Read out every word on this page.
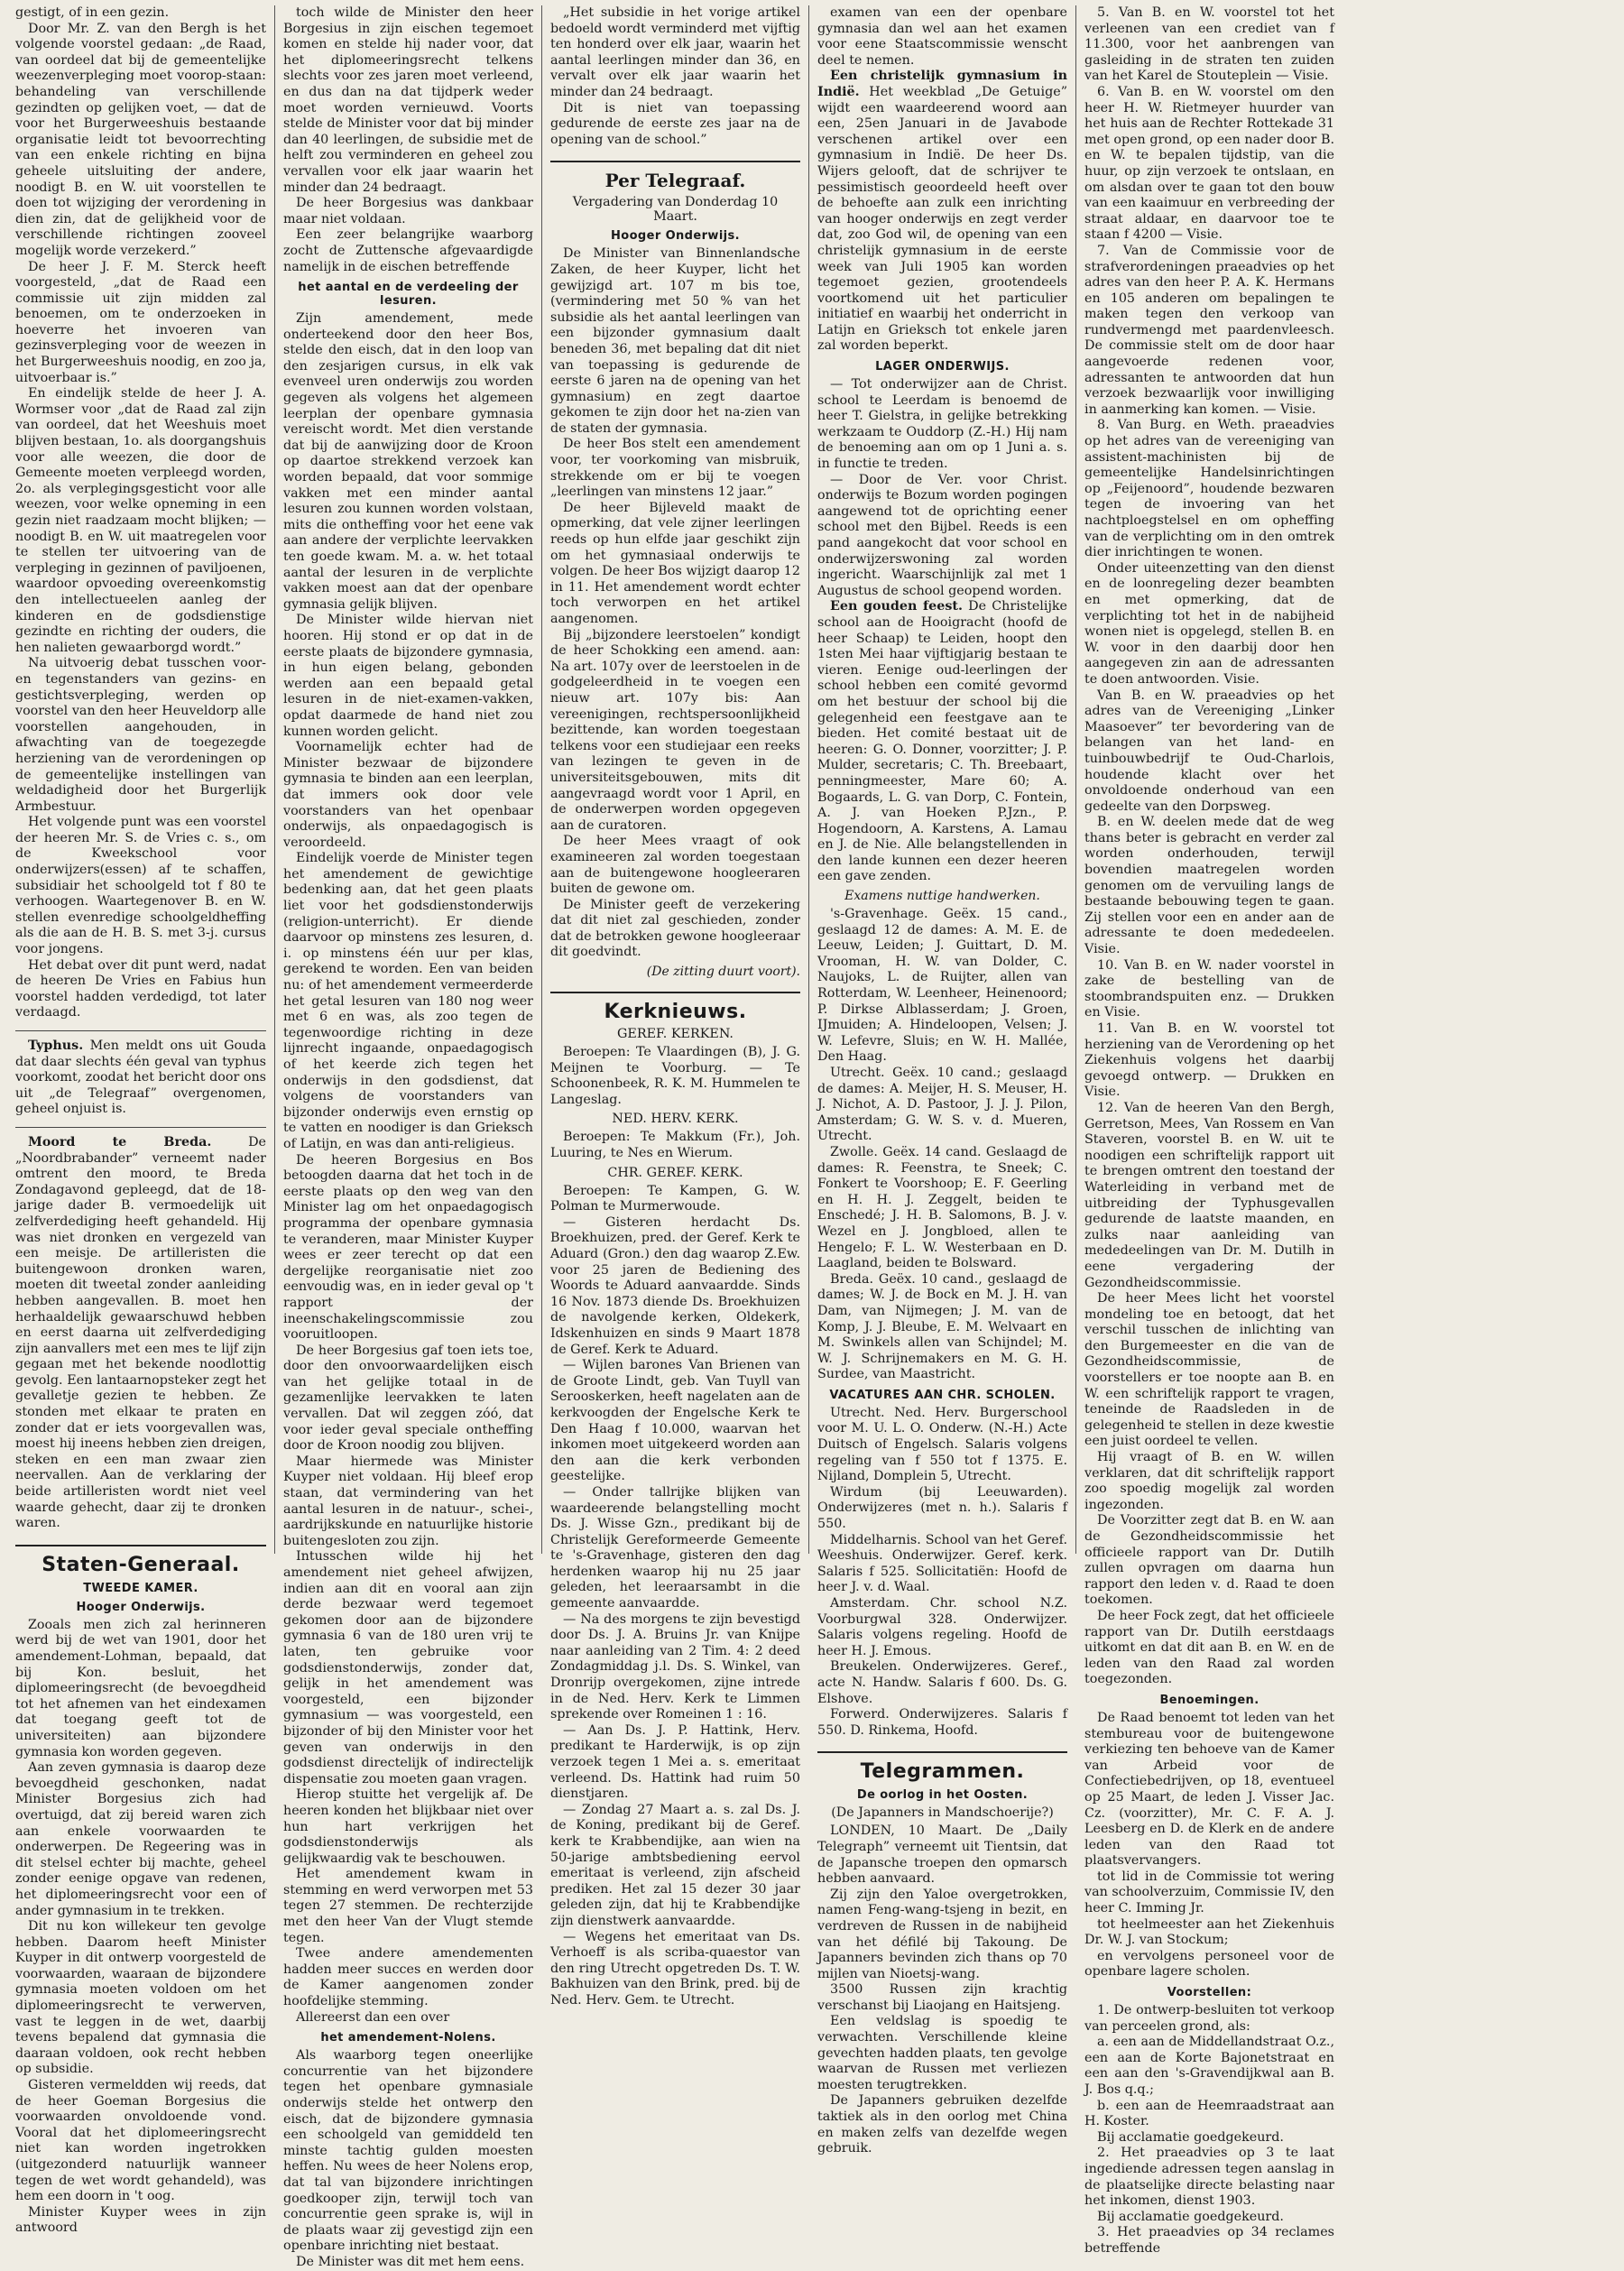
gestigt, of in een gezin.

Door Mr. Z. van den Bergh is het volgende voorstel gedaan: „de Raad, van oordeel dat bij de gemeentelijke weezenverpleging moet voorop-staan: behandeling van verschillende gezindten op gelijken voet, — dat de voor het Burgerweeshuis bestaande organisatie leidt tot bevoorrechting van een enkele richting en bijna geheele uitsluiting der andere, noodigt B. en W. uit voorstellen te doen tot wijziging der verordening in dien zin, dat de gelijkheid voor de verschillende richtingen zooveel mogelijk worde verzekerd.”

De heer J. F. M. Sterck heeft voorgesteld, „dat de Raad een commissie uit zijn midden zal benoemen, om te onderzoeken in hoeverre het invoeren van gezinsverpleging voor de weezen in het Burgerweeshuis noodig, en zoo ja, uitvoerbaar is.”

En eindelijk stelde de heer J. A. Wormser voor „dat de Raad zal zijn van oordeel, dat het Weeshuis moet blijven bestaan, 1o. als doorgangshuis voor alle weezen, die door de Gemeente moeten verpleegd worden, 2o. als verplegingsgesticht voor alle weezen, voor welke opneming in een gezin niet raadzaam mocht blijken; — noodigt B. en W. uit maatregelen voor te stellen ter uitvoering van de verpleging in gezinnen of paviljoenen, waardoor opvoeding overeenkomstig den intellectueelen aanleg der kinderen en de godsdienstige gezindte en richting der ouders, die hen nalieten gewaarborgd wordt.”

Na uitvoerig debat tusschen voor- en tegenstanders van gezins- en gestichtsverpleging, werden op voorstel van den heer Heuveldorp alle voorstellen aangehouden, in afwachting van de toegezegde herziening van de verordeningen op de gemeentelijke instellingen van weldadigheid door het Burgerlijk Armbestuur.

Het volgende punt was een voorstel der heeren Mr. S. de Vries c. s., om de Kweekschool voor onderwijzers(essen) af te schaffen, subsidiair het schoolgeld tot f 80 te verhoogen. Waartegenover B. en W. stellen evenredige schoolgeldheffing als die aan de H. B. S. met 3-j. cursus voor jongens.

Het debat over dit punt werd, nadat de heeren De Vries en Fabius hun voorstel hadden verdedigd, tot later verdaagd.

Typhus. Men meldt ons uit Gouda dat daar slechts één geval van typhus voorkomt, zoodat het bericht door ons uit „de Telegraaf” overgenomen, geheel onjuist is.

Moord te Breda. De „Noordbrabander” verneemt nader omtrent den moord, te Breda Zondagavond gepleegd, dat de 18-jarige dader B. vermoedelijk uit zelfverdediging heeft gehandeld. Hij was niet dronken en vergezeld van een meisje. De artilleristen die buitengewoon dronken waren, moeten dit tweetal zonder aanleiding hebben aangevallen. B. moet hen herhaaldelijk gewaarschuwd hebben en eerst daarna uit zelfverdediging zijn aanvallers met een mes te lijf zijn gegaan met het bekende noodlottig gevolg. Een lantaarnopsteker zegt het gevalletje gezien te hebben. Ze stonden met elkaar te praten en zonder dat er iets voorgevallen was, moest hij ineens hebben zien dreigen, steken en een man zwaar zien neervallen. Aan de verklaring der beide artilleristen wordt niet veel waarde gehecht, daar zij te dronken waren.

Staten-Generaal.
TWEEDE KAMER.
Hooger Onderwijs.

Zooals men zich zal herinneren werd bij de wet van 1901, door het amendement-Lohman, bepaald, dat bij Kon. besluit, het diplomeeringsrecht (de bevoegdheid tot het afnemen van het eindexamen dat toegang geeft tot de universiteiten) aan bijzondere gymnasia kon worden gegeven.

Aan zeven gymnasia is daarop deze bevoegdheid geschonken, nadat Minister Borgesius zich had overtuigd, dat zij bereid waren zich aan enkele voorwaarden te onderwerpen. De Regeering was in dit stelsel echter bij machte, geheel zonder eenige opgave van redenen, het diplomeeringsrecht voor een of ander gymnasium in te trekken.

Dit nu kon willekeur ten gevolge hebben. Daarom heeft Minister Kuyper in dit ontwerp voorgesteld de voorwaarden, waaraan de bijzondere gymnasia moeten voldoen om het diplomeeringsrecht te verwerven, vast te leggen in de wet, daarbij tevens bepalend dat gymnasia die daaraan voldoen, ook recht hebben op subsidie.

Gisteren vermeldden wij reeds, dat de heer Goeman Borgesius die voorwaarden onvoldoende vond. Vooral dat het diplomeeringsrecht niet kan worden ingetrokken (uitgezonderd natuurlijk wanneer tegen de wet wordt gehandeld), was hem een doorn in 't oog.

Minister Kuyper wees in zijn antwoord

toch wilde de Minister den heer Borgesius in zijn eischen tegemoet komen en stelde hij nader voor, dat het diplomeeringsrecht telkens slechts voor zes jaren moet verleend, en dus dan na dat tijdperk weder moet worden vernieuwd. Voorts stelde de Minister voor dat bij minder dan 40 leerlingen, de subsidie met de helft zou verminderen en geheel zou vervallen voor elk jaar waarin het minder dan 24 bedraagt.

De heer Borgesius was dankbaar maar niet voldaan.

Een zeer belangrijke waarborg zocht de Zuttensche afgevaardigde namelijk in de eischen betreffende

het aantal en de verdeeling der lesuren.

Zijn amendement, mede onderteekend door den heer Bos, stelde den eisch, dat in den loop van den zesjarigen cursus, in elk vak evenveel uren onderwijs zou worden gegeven als volgens het algemeen leerplan der openbare gymnasia vereischt wordt. Met dien verstande dat bij de aanwijzing door de Kroon op daartoe strekkend verzoek kan worden bepaald, dat voor sommige vakken met een minder aantal lesuren zou kunnen worden volstaan, mits die ontheffing voor het eene vak aan andere der verplichte leervakken ten goede kwam. M. a. w. het totaal aantal der lesuren in de verplichte vakken moest aan dat der openbare gymnasia gelijk blijven.

De Minister wilde hiervan niet hooren. Hij stond er op dat in de eerste plaats de bijzondere gymnasia, in hun eigen belang, gebonden werden aan een bepaald getal lesuren in de niet-examen-vakken, opdat daarmede de hand niet zou kunnen worden gelicht.

Voornamelijk echter had de Minister bezwaar de bijzondere gymnasia te binden aan een leerplan, dat immers ook door vele voorstanders van het openbaar onderwijs, als onpaedagogisch is veroordeeld.

Eindelijk voerde de Minister tegen het amendement de gewichtige bedenking aan, dat het geen plaats liet voor het godsdienstonderwijs (religion-unterricht). Er diende daarvoor op minstens zes lesuren, d. i. op minstens één uur per klas, gerekend te worden. Een van beiden nu: of het amendement vermeerderde het getal lesuren van 180 nog weer met 6 en was, als zoo tegen de tegenwoordige richting in deze lijnrecht ingaande, onpaedagogisch of het keerde zich tegen het onderwijs in den godsdienst, dat volgens de voorstanders van bijzonder onderwijs even ernstig op te vatten en noodiger is dan Grieksch of Latijn, en was dan anti-religieus.

De heeren Borgesius en Bos betoogden daarna dat het toch in de eerste plaats op den weg van den Minister lag om het onpaedagogisch programma der openbare gymnasia te veranderen, maar Minister Kuyper wees er zeer terecht op dat een dergelijke reorganisatie niet zoo eenvoudig was, en in ieder geval op 't rapport der ineenschakelingscommissie zou vooruitloopen.

De heer Borgesius gaf toen iets toe, door den onvoorwaardelijken eisch van het gelijke totaal in de gezamenlijke leervakken te laten vervallen. Dat wil zeggen zóó, dat voor ieder geval speciale ontheffing door de Kroon noodig zou blijven.

Maar hiermede was Minister Kuyper niet voldaan. Hij bleef erop staan, dat vermindering van het aantal lesuren in de natuur-, schei-, aardrijkskunde en natuurlijke historie buitengesloten zou zijn.

Intusschen wilde hij het amendement niet geheel afwijzen, indien aan dit en vooral aan zijn derde bezwaar werd tegemoet gekomen door aan de bijzondere gymnasia 6 van de 180 uren vrij te laten, ten gebruike voor godsdienstonderwijs, zonder dat, gelijk in het amendement was voorgesteld, een bijzonder gymnasium — was voorgesteld, een bijzonder of bij den Minister voor het geven van onderwijs in den godsdienst directelijk of indirectelijk dispensatie zou moeten gaan vragen.

Hierop stuitte het vergelijk af. De heeren konden het blijkbaar niet over hun hart verkrijgen het godsdienstonderwijs als gelijkwaardig vak te beschouwen.

Het amendement kwam in stemming en werd verworpen met 53 tegen 27 stemmen. De rechterzijde met den heer Van der Vlugt stemde tegen.

Twee andere amendementen hadden meer succes en werden door de Kamer aangenomen zonder hoofdelijke stemming.

Allereerst dan een over

het amendement-Nolens.

Als waarborg tegen oneerlijke concurrentie van het bijzondere tegen het openbare gymnasiale onderwijs stelde het ontwerp den eisch, dat de bijzondere gymnasia een schoolgeld van gemiddeld ten minste tachtig gulden moesten heffen. Nu wees de heer Nolens erop, dat tal van bijzondere inrichtingen goedkooper zijn, terwijl toch van concurrentie geen sprake is, wijl in de plaats waar zij gevestigd zijn een openbare inrichting niet bestaat.

De Minister was dit met hem eens.

„Het subsidie in het vorige artikel bedoeld wordt verminderd met vijftig ten honderd over elk jaar, waarin het aantal leerlingen minder dan 36, en vervalt over elk jaar waarin het minder dan 24 bedraagt.

Dit is niet van toepassing gedurende de eerste zes jaar na de opening van de school.”

Per Telegraaf.
Vergadering van Donderdag 10 Maart.
Hooger Onderwijs.

De Minister van Binnenlandsche Zaken, de heer Kuyper, licht het gewijzigd art. 107 m bis toe, (vermindering met 50 % van het subsidie als het aantal leerlingen van een bijzonder gymnasium daalt beneden 36, met bepaling dat dit niet van toepassing is gedurende de eerste 6 jaren na de opening van het gymnasium) en zegt daartoe gekomen te zijn door het na-zien van de staten der gymnasia.

De heer Bos stelt een amendement voor, ter voorkoming van misbruik, strekkende om er bij te voegen „leerlingen van minstens 12 jaar.”

De heer Bijleveld maakt de opmerking, dat vele zijner leerlingen reeds op hun elfde jaar geschikt zijn om het gymnasiaal onderwijs te volgen. De heer Bos wijzigt daarop 12 in 11. Het amendement wordt echter toch verworpen en het artikel aangenomen.

Bij „bijzondere leerstoelen” kondigt de heer Schokking een amend. aan: Na art. 107y over de leerstoelen in de godgeleerdheid in te voegen een nieuw art. 107y bis: Aan vereenigingen, rechtspersoonlijkheid bezittende, kan worden toegestaan telkens voor een studiejaar een reeks van lezingen te geven in de universiteitsgebouwen, mits dit aangevraagd wordt voor 1 April, en de onderwerpen worden opgegeven aan de curatoren.

De heer Mees vraagt of ook examineeren zal worden toegestaan aan de buitengewone hoogleeraren buiten de gewone om.

De Minister geeft de verzekering dat dit niet zal geschieden, zonder dat de betrokken gewone hoogleeraar dit goedvindt.

(De zitting duurt voort).
Kerknieuws.
GEREF. KERKEN.

Beroepen: Te Vlaardingen (B), J. G. Meijnen te Voorburg. — Te Schoonenbeek, R. K. M. Hummelen te Langeslag.

NED. HERV. KERK.

Beroepen: Te Makkum (Fr.), Joh. Luuring, te Nes en Wierum.

CHR. GEREF. KERK.

Beroepen: Te Kampen, G. W. Polman te Murmerwoude.

— Gisteren herdacht Ds. Broekhuizen, pred. der Geref. Kerk te Aduard (Gron.) den dag waarop Z.Ew. voor 25 jaren de Bediening des Woords te Aduard aanvaardde. Sinds 16 Nov. 1873 diende Ds. Broekhuizen de navolgende kerken, Oldekerk, Idskenhuizen en sinds 9 Maart 1878 de Geref. Kerk te Aduard.

— Wijlen barones Van Brienen van de Groote Lindt, geb. Van Tuyll van Serooskerken, heeft nagelaten aan de kerkvoogden der Engelsche Kerk te Den Haag f 10.000, waarvan het inkomen moet uitgekeerd worden aan den aan die kerk verbonden geestelijke.

— Onder tallrijke blijken van waardeerende belangstelling mocht Ds. J. Wisse Gzn., predikant bij de Christelijk Gereformeerde Gemeente te 's-Gravenhage, gisteren den dag herdenken waarop hij nu 25 jaar geleden, het leeraarsambt in die gemeente aanvaardde.

— Na des morgens te zijn bevestigd door Ds. J. A. Bruins Jr. van Knijpe naar aanleiding van 2 Tim. 4: 2 deed Zondagmiddag j.l. Ds. S. Winkel, van Dronrijp overgekomen, zijne intrede in de Ned. Herv. Kerk te Limmen sprekende over Romeinen 1 : 16.

— Aan Ds. J. P. Hattink, Herv. predikant te Harderwijk, is op zijn verzoek tegen 1 Mei a. s. emeritaat verleend. Ds. Hattink had ruim 50 dienstjaren.

— Zondag 27 Maart a. s. zal Ds. J. de Koning, predikant bij de Geref. kerk te Krabbendijke, aan wien na 50-jarige ambtsbediening eervol emeritaat is verleend, zijn afscheid prediken. Het zal 15 dezer 30 jaar geleden zijn, dat hij te Krabbendijke zijn dienstwerk aanvaardde.

— Wegens het emeritaat van Ds. Verhoeff is als scriba-quaestor van den ring Utrecht opgetreden Ds. T. W. Bakhuizen van den Brink, pred. bij de Ned. Herv. Gem. te Utrecht.

examen van een der openbare gymnasia dan wel aan het examen voor eene Staatscommissie wenscht deel te nemen.

Een christelijk gymnasium in Indië. Het weekblad „De Getuige” wijdt een waardeerend woord aan een, 25en Januari in de Javabode verschenen artikel over een gymnasium in Indië. De heer Ds. Wijers gelooft, dat de schrijver te pessimistisch geoordeeld heeft over de behoefte aan zulk een inrichting van hooger onderwijs en zegt verder dat, zoo God wil, de opening van een christelijk gymnasium in de eerste week van Juli 1905 kan worden tegemoet gezien, grootendeels voortkomend uit het particulier initiatief en waarbij het onderricht in Latijn en Grieksch tot enkele jaren zal worden beperkt.

LAGER ONDERWIJS.

— Tot onderwijzer aan de Christ. school te Leerdam is benoemd de heer T. Gielstra, in gelijke betrekking werkzaam te Ouddorp (Z.-H.) Hij nam de benoeming aan om op 1 Juni a. s. in functie te treden.

— Door de Ver. voor Christ. onderwijs te Bozum worden pogingen aangewend tot de oprichting eener school met den Bijbel. Reeds is een pand aangekocht dat voor school en onderwijzerswoning zal worden ingericht. Waarschijnlijk zal met 1 Augustus de school geopend worden.

Een gouden feest. De Christelijke school aan de Hooigracht (hoofd de heer Schaap) te Leiden, hoopt den 1sten Mei haar vijftigjarig bestaan te vieren. Eenige oud-leerlingen der school hebben een comité gevormd om het bestuur der school bij die gelegenheid een feestgave aan te bieden. Het comité bestaat uit de heeren: G. O. Donner, voorzitter; J. P. Mulder, secretaris; C. Th. Breebaart, penningmeester, Mare 60; A. Bogaards, L. G. van Dorp, C. Fontein, A. J. van Hoeken P.Jzn., P. Hogendoorn, A. Karstens, A. Lamau en J. de Nie. Alle belangstellenden in den lande kunnen een dezer heeren een gave zenden.

Examens nuttige handwerken.

's-Gravenhage. Geëx. 15 cand., geslaagd 12 de dames: A. M. E. de Leeuw, Leiden; J. Guittart, D. M. Vrooman, H. W. van Dolder, C. Naujoks, L. de Ruijter, allen van Rotterdam, W. Leenheer, Heinenoord; P. Dirkse Alblasserdam; J. Groen, IJmuiden; A. Hindeloopen, Velsen; J. W. Lefevre, Sluis; en W. H. Mallée, Den Haag.

Utrecht. Geëx. 10 cand.; geslaagd de dames: A. Meijer, H. S. Meuser, H. J. Nichot, A. D. Pastoor, J. J. J. Pilon, Amsterdam; G. W. S. v. d. Mueren, Utrecht.

Zwolle. Geëx. 14 cand. Geslaagd de dames: R. Feenstra, te Sneek; C. Fonkert te Voorshoop; E. F. Geerling en H. H. J. Zeggelt, beiden te Enschedé; J. H. B. Salomons, B. J. v. Wezel en J. Jongbloed, allen te Hengelo; F. L. W. Westerbaan en D. Laagland, beiden te Bolsward.

Breda. Geëx. 10 cand., geslaagd de dames; W. J. de Bock en M. J. H. van Dam, van Nijmegen; J. M. van de Komp, J. J. Bleube, E. M. Welvaart en M. Swinkels allen van Schijndel; M. W. J. Schrijnemakers en M. G. H. Surdee, van Maastricht.

VACATURES AAN CHR. SCHOLEN.

Utrecht. Ned. Herv. Burgerschool voor M. U. L. O. Onderw. (N.-H.) Acte Duitsch of Engelsch. Salaris volgens regeling van f 550 tot f 1375. E. Nijland, Domplein 5, Utrecht.

Wirdum (bij Leeuwarden). Onderwijzeres (met n. h.). Salaris f 550.

Middelharnis. School van het Geref. Weeshuis. Onderwijzer. Geref. kerk. Salaris f 525. Sollicitatiën: Hoofd de heer J. v. d. Waal.

Amsterdam. Chr. school N.Z. Voorburgwal 328. Onderwijzer. Salaris volgens regeling. Hoofd de heer H. J. Emous.

Breukelen. Onderwijzeres. Geref., acte N. Handw. Salaris f 600. Ds. G. Elshove.

Forwerd. Onderwijzeres. Salaris f 550. D. Rinkema, Hoofd.

Telegrammen.
De oorlog in het Oosten.
(De Japanners in Mandschoerije?)

LONDEN, 10 Maart. De „Daily Telegraph” verneemt uit Tientsin, dat de Japansche troepen den opmarsch hebben aanvaard.

Zij zijn den Yaloe overgetrokken, namen Feng-wang-tsjeng in bezit, en verdreven de Russen in de nabijheid van het défilé bij Takoung. De Japanners bevinden zich thans op 70 mijlen van Nioetsj-wang.

3500 Russen zijn krachtig verschanst bij Liaojang en Haitsjeng.

Een veldslag is spoedig te verwachten. Verschillende kleine gevechten hadden plaats, ten gevolge waarvan de Russen met verliezen moesten terugtrekken.

De Japanners gebruiken dezelfde taktiek als in den oorlog met China en maken zelfs van dezelfde wegen gebruik.

5. Van B. en W. voorstel tot het verleenen van een crediet van f 11.300, voor het aanbrengen van gasleiding in de straten ten zuiden van het Karel de Stouteplein — Visie.

6. Van B. en W. voorstel om den heer H. W. Rietmeyer huurder van het huis aan de Rechter Rottekade 31 met open grond, op een nader door B. en W. te bepalen tijdstip, van die huur, op zijn verzoek te ontslaan, en om alsdan over te gaan tot den bouw van een kaaimuur en verbreeding der straat aldaar, en daarvoor toe te staan f 4200 — Visie.

7. Van de Commissie voor de strafverordeningen praeadvies op het adres van den heer P. A. K. Hermans en 105 anderen om bepalingen te maken tegen den verkoop van rundvermengd met paardenvleesch. De commissie stelt om de door haar aangevoerde redenen voor, adressanten te antwoorden dat hun verzoek bezwaarlijk voor inwilliging in aanmerking kan komen. — Visie.

8. Van Burg. en Weth. praeadvies op het adres van de vereeniging van assistent-machinisten bij de gemeentelijke Handelsinrichtingen op „Feijenoord”, houdende bezwaren tegen de invoering van het nachtploegstelsel en om opheffing van de verplichting om in den omtrek dier inrichtingen te wonen.

Onder uiteenzetting van den dienst en de loonregeling dezer beambten en met opmerking, dat de verplichting tot het in de nabijheid wonen niet is opgelegd, stellen B. en W. voor in den daarbij door hen aangegeven zin aan de adressanten te doen antwoorden. Visie.

Van B. en W. praeadvies op het adres van de Vereeniging „Linker Maasoever” ter bevordering van de belangen van het land- en tuinbouwbedrijf te Oud-Charlois, houdende klacht over het onvoldoende onderhoud van een gedeelte van den Dorpsweg.

B. en W. deelen mede dat de weg thans beter is gebracht en verder zal worden onderhouden, terwijl bovendien maatregelen worden genomen om de vervuiling langs de bestaande bebouwing tegen te gaan. Zij stellen voor een en ander aan de adressante te doen mededeelen. Visie.

10. Van B. en W. nader voorstel in zake de bestelling van de stoombrandspuiten enz. — Drukken en Visie.

11. Van B. en W. voorstel tot herziening van de Verordening op het Ziekenhuis volgens het daarbij gevoegd ontwerp. — Drukken en Visie.

12. Van de heeren Van den Bergh, Gerretson, Mees, Van Rossem en Van Staveren, voorstel B. en W. uit te noodigen een schriftelijk rapport uit te brengen omtrent den toestand der Waterleiding in verband met de uitbreiding der Typhusgevallen gedurende de laatste maanden, en zulks naar aanleiding van mededeelingen van Dr. M. Dutilh in eene vergadering der Gezondheidscommissie.

De heer Mees licht het voorstel mondeling toe en betoogt, dat het verschil tusschen de inlichting van den Burgemeester en die van de Gezondheidscommissie, de voorstellers er toe noopte aan B. en W. een schriftelijk rapport te vragen, teneinde de Raadsleden in de gelegenheid te stellen in deze kwestie een juist oordeel te vellen.

Hij vraagt of B. en W. willen verklaren, dat dit schriftelijk rapport zoo spoedig mogelijk zal worden ingezonden.

De Voorzitter zegt dat B. en W. aan de Gezondheidscommissie het officieele rapport van Dr. Dutilh zullen opvragen om daarna hun rapport den leden v. d. Raad te doen toekomen.

De heer Fock zegt, dat het officieele rapport van Dr. Dutilh eerstdaags uitkomt en dat dit aan B. en W. en de leden van den Raad zal worden toegezonden.

Benoemingen.

De Raad benoemt tot leden van het stembureau voor de buitengewone verkiezing ten behoeve van de Kamer van Arbeid voor de Confectiebedrijven, op 18, eventueel op 25 Maart, de leden J. Visser Jac. Cz. (voorzitter), Mr. C. F. A. J. Leesberg en D. de Klerk en de andere leden van den Raad tot plaatsvervangers.

tot lid in de Commissie tot wering van schoolverzuim, Commissie IV, den heer C. Imming Jr.

tot heelmeester aan het Ziekenhuis Dr. W. J. van Stockum;

en vervolgens personeel voor de openbare lagere scholen.

Voorstellen:

1. De ontwerp-besluiten tot verkoop van perceelen grond, als:

a. een aan de Middellandstraat O.z., een aan de Korte Bajonetstraat en een aan den 's-Gravendijkwal aan B. J. Bos q.q.;

b. een aan de Heemraadstraat aan H. Koster.

Bij acclamatie goedgekeurd.

2. Het praeadvies op 3 te laat ingediende adressen tegen aanslag in de plaatselijke directe belasting naar het inkomen, dienst 1903.

Bij acclamatie goedgekeurd.

3. Het praeadvies op 34 reclames betreffende
